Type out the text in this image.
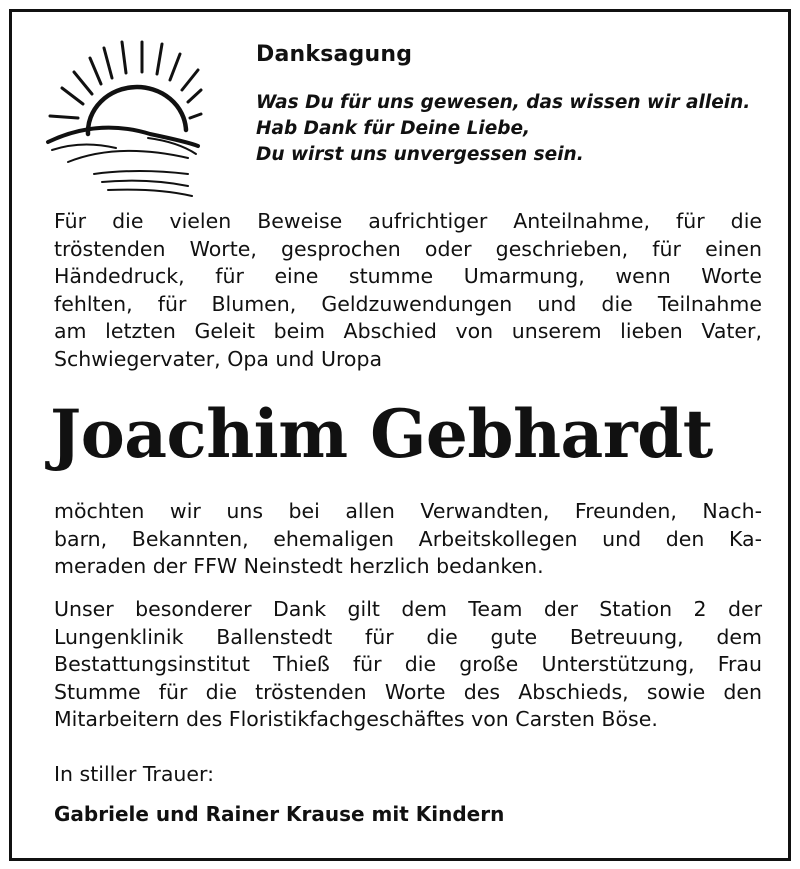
Danksagung
Was Du für uns gewesen, das wissen wir allein.
Hab Dank für Deine Liebe,
Du wirst uns unvergessen sein.
Für die vielen Beweise aufrichtiger Anteilnahme, für die
tröstenden Worte, gesprochen oder geschrieben, für einen
Händedruck, für eine stumme Umarmung, wenn Worte
fehlten, für Blumen, Geldzuwendungen und die Teilnahme
am letzten Geleit beim Abschied von unserem lieben Vater,
Schwiegervater, Opa und Uropa
Joachim Gebhardt
möchten wir uns bei allen Verwandten, Freunden, Nach-
barn, Bekannten, ehemaligen Arbeitskollegen und den Ka-
meraden der FFW Neinstedt herzlich bedanken.
Unser besonderer Dank gilt dem Team der Station 2 der
Lungenklinik Ballenstedt für die gute Betreuung, dem
Bestattungsinstitut Thieß für die große Unterstützung, Frau
Stumme für die tröstenden Worte des Abschieds, sowie den
Mitarbeitern des Floristikfachgeschäftes von Carsten Böse.
In stiller Trauer:
Gabriele und Rainer Krause mit Kindern
